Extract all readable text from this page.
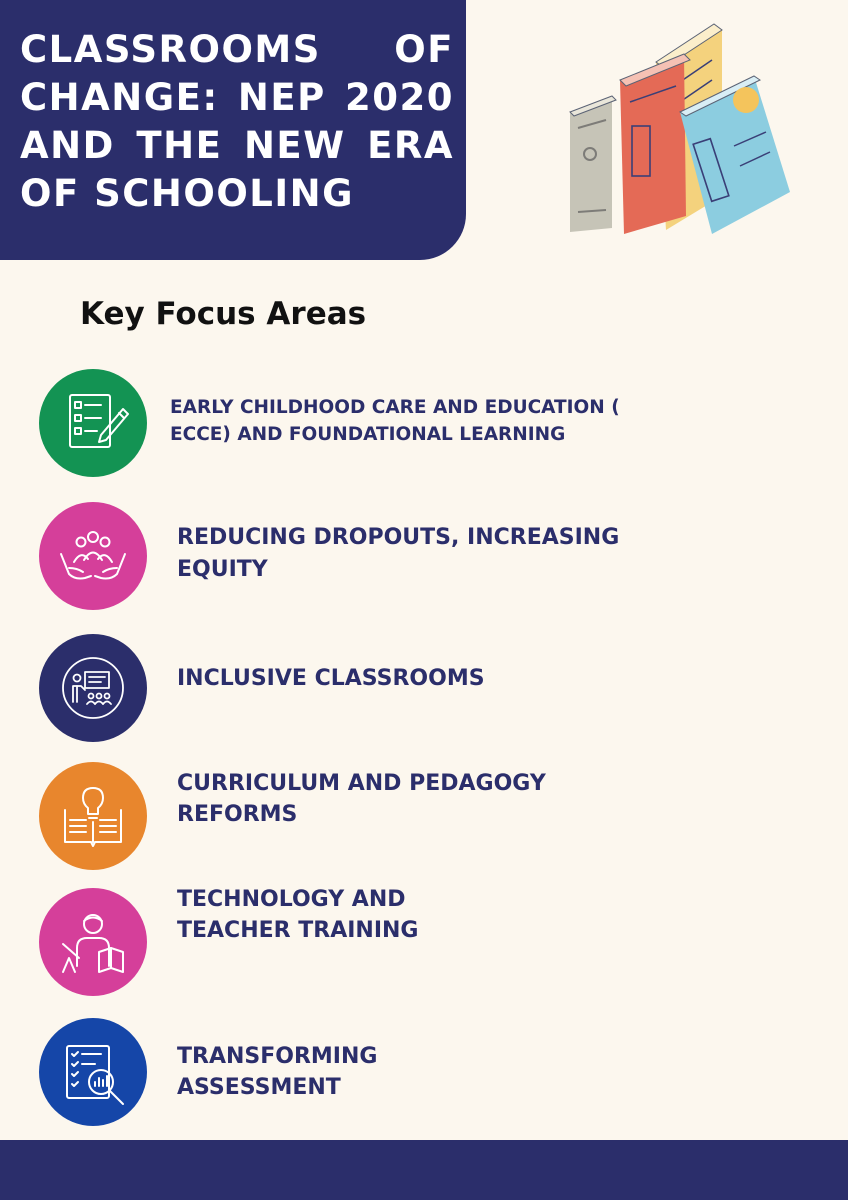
CLASSROOMS OF CHANGE: NEP 2020 AND THE NEW ERA OF SCHOOLING
Key Focus Areas
EARLY CHILDHOOD CARE AND EDUCATION ( ECCE) AND FOUNDATIONAL LEARNING
REDUCING DROPOUTS, INCREASING EQUITY
INCLUSIVE CLASSROOMS
CURRICULUM AND PEDAGOGY REFORMS
TECHNOLOGY AND TEACHER TRAINING
TRANSFORMING ASSESSMENT
